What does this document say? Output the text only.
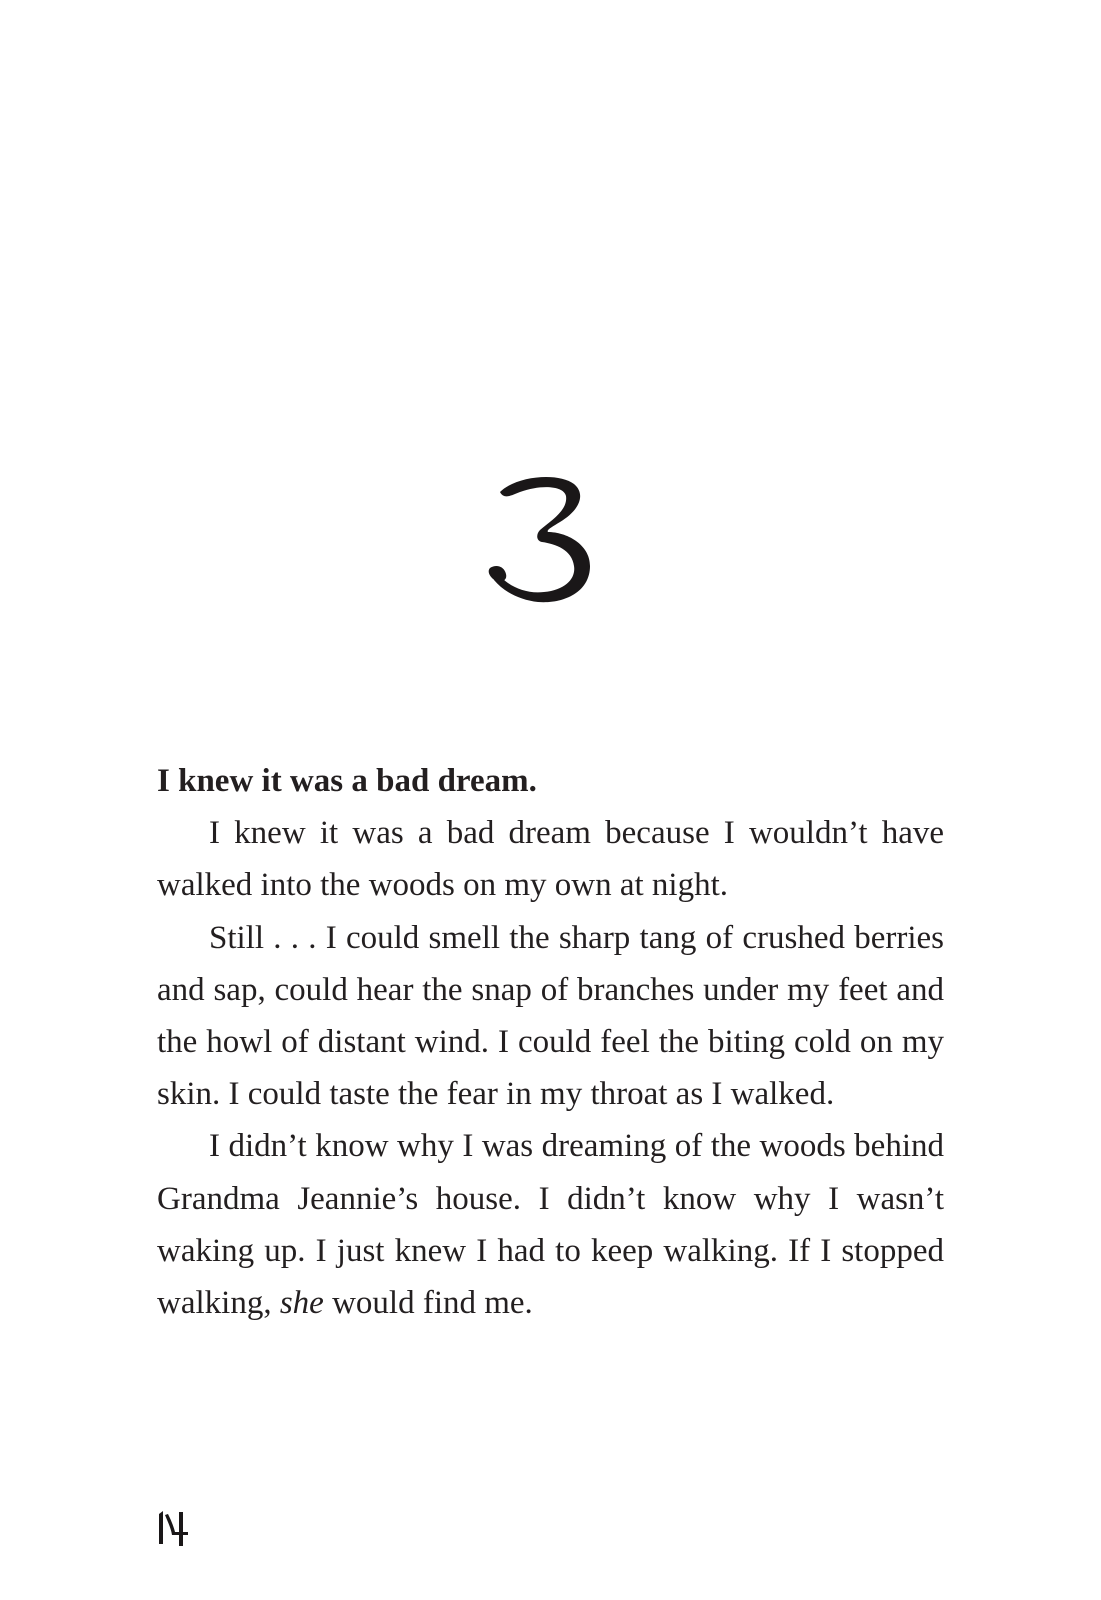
I knew it was a bad dream.

I knew it was a bad dream because I wouldn’t have walked into the woods on my own at night.

Still . . . I could smell the sharp tang of crushed berries and sap, could hear the snap of branches under my feet and the howl of distant wind. I could feel the biting cold on my skin. I could taste the fear in my throat as I walked.

I didn’t know why I was dreaming of the woods behind Grandma Jeannie’s house. I didn’t know why I wasn’t waking up. I just knew I had to keep walking. If I stopped walking, she would find me.
